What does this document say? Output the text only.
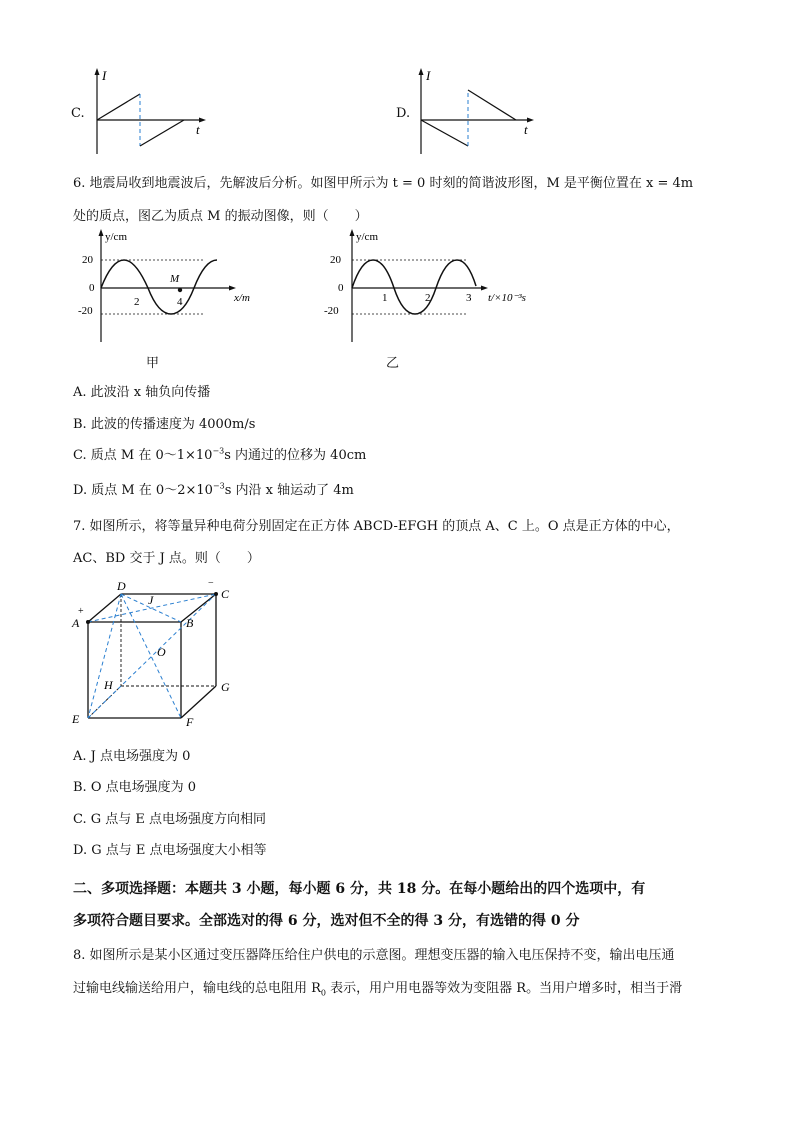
C.
I
t
D.
I
t
6. 地震局收到地震波后，先解波后分析。如图甲所示为 t = 0 时刻的简谐波形图，M 是平衡位置在 x = 4m
处的质点，图乙为质点 M 的振动图像，则（　　）
y/cm
20
0
-20
2	4
M
x/m
甲
y/cm
20
0
-20
1	2	3 t/×10⁻³s
乙
A. 此波沿 x 轴负向传播
B. 此波的传播速度为 4000m/s
C. 质点 M 在 $0\sim 1\times 10^{-3}s$ 内通过的位移为 40cm
D. 质点 M 在 $0\sim 2\times 10^{-3}s$ 内沿 x 轴运动了 4m
7. 如图所示，将等量异种电荷分别固定在正方体 ABCD-EFGH 的顶点 A、C 上。O 点是正方体的中心，
AC、BD 交于 J 点。则（　　）
D	−
C
+
A
J
B
O
H	G
E	F
A. J 点电场强度为 0
B. O 点电场强度为 0
C. G 点与 E 点电场强度方向相同
D. G 点与 E 点电场强度大小相等
二、多项选择题：本题共 3 小题，每小题 6 分，共 18 分。在每小题给出的四个选项中，有
多项符合题目要求。全部选对的得 6 分，选对但不全的得 3 分，有选错的得 0 分
8. 如图所示是某小区通过变压器降压给住户供电的示意图。理想变压器的输入电压保持不变，输出电压通
过输电线输送给用户，输电线的总电阻用 $R_0$ 表示，用户用电器等效为变阻器 R。当用户增多时，相当于滑
